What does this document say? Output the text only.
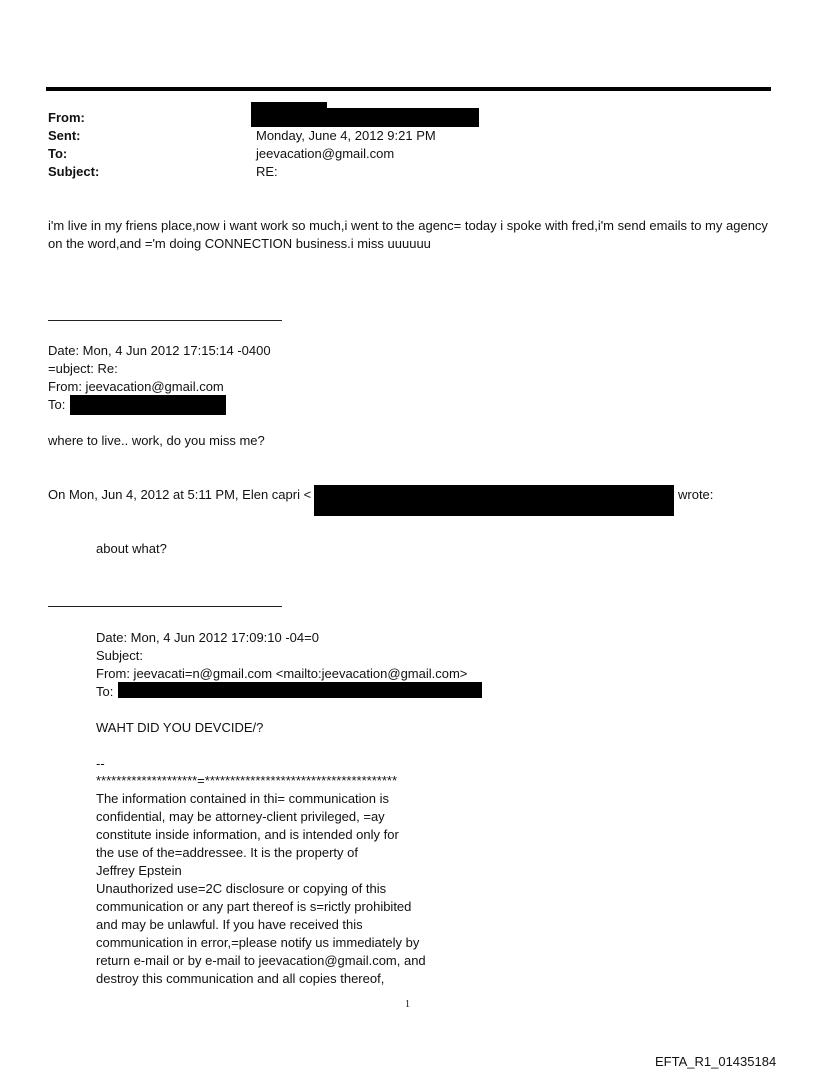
From:
Sent:	Monday, June 4, 2012 9:21 PM
To:	jeevacation@gmail.com
Subject:	RE:
i'm live in my friens place,now i want work so much,i went to the agenc= today i spoke with fred,i'm send emails to my agency on the word,and ='m doing CONNECTION business.i miss uuuuuu
Date: Mon, 4 Jun 2012 17:15:14 -0400
=ubject: Re:
From: jeevacation@gmail.com
To:
where to live.. work, do you miss me?
On Mon, Jun 4, 2012 at 5:11 PM, Elen capri <	wrote:
about what?
Date: Mon, 4 Jun 2012 17:09:10 -04=0
Subject:
From: jeevacati=n@gmail.com <mailto:jeevacation@gmail.com>
To:
WAHT DID YOU DEVCIDE/?
--
********************=**************************************
The information contained in thi= communication is
confidential, may be attorney-client privileged, =ay
constitute inside information, and is intended only for
the use of the=addressee. It is the property of
Jeffrey Epstein
Unauthorized use=2C disclosure or copying of this
communication or any part thereof is s=rictly prohibited
and may be unlawful. If you have received this
communication in error,=please notify us immediately by
return e-mail or by e-mail to jeevacation@gmail.com, and
destroy this communication and all copies thereof,
1
EFTA_R1_01435184
